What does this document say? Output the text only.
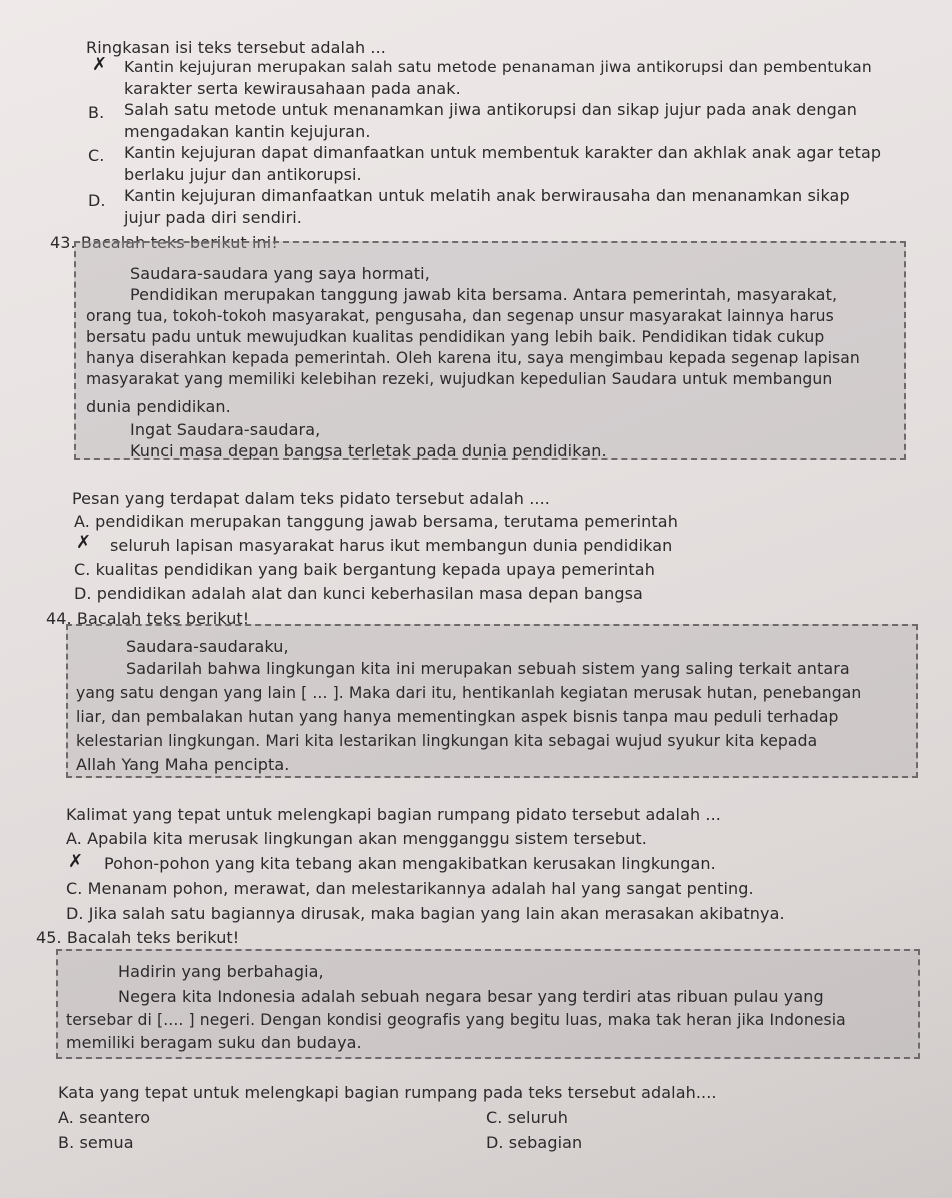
Ringkasan isi teks tersebut adalah ...
✗ Kantin kejujuran merupakan salah satu metode penanaman jiwa antikorupsi dan pembentukan
karakter serta kewirausahaan pada anak.
B. Salah satu metode untuk menanamkan jiwa antikorupsi dan sikap jujur pada anak dengan
mengadakan kantin kejujuran.
C. Kantin kejujuran dapat dimanfaatkan untuk membentuk karakter dan akhlak anak agar tetap
berlaku jujur dan antikorupsi.
D. Kantin kejujuran dimanfaatkan untuk melatih anak berwirausaha dan menanamkan sikap
jujur pada diri sendiri.
43. Bacalah teks berikut ini!
Saudara-saudara yang saya hormati,
Pendidikan merupakan tanggung jawab kita bersama. Antara pemerintah, masyarakat,
orang tua, tokoh-tokoh masyarakat, pengusaha, dan segenap unsur masyarakat lainnya harus
bersatu padu untuk mewujudkan kualitas pendidikan yang lebih baik. Pendidikan tidak cukup
hanya diserahkan kepada pemerintah. Oleh karena itu, saya mengimbau kepada segenap lapisan
masyarakat yang memiliki kelebihan rezeki, wujudkan kepedulian Saudara untuk membangun
dunia pendidikan.
Ingat Saudara-saudara,
Kunci masa depan bangsa terletak pada dunia pendidikan.
Pesan yang terdapat dalam teks pidato tersebut adalah ....
A. pendidikan merupakan tanggung jawab bersama, terutama pemerintah
✗ seluruh lapisan masyarakat harus ikut membangun dunia pendidikan
C. kualitas pendidikan yang baik bergantung kepada upaya pemerintah
D. pendidikan adalah alat dan kunci keberhasilan masa depan bangsa
44. Bacalah teks berikut!
Saudara-saudaraku,
Sadarilah bahwa lingkungan kita ini merupakan sebuah sistem yang saling terkait antara
yang satu dengan yang lain [ ... ]. Maka dari itu, hentikanlah kegiatan merusak hutan, penebangan
liar, dan pembalakan hutan yang hanya mementingkan aspek bisnis tanpa mau peduli terhadap
kelestarian lingkungan. Mari kita lestarikan lingkungan kita sebagai wujud syukur kita kepada
Allah Yang Maha pencipta.
Kalimat yang tepat untuk melengkapi bagian rumpang pidato tersebut adalah ...
A. Apabila kita merusak lingkungan akan mengganggu sistem tersebut.
✗ Pohon-pohon yang kita tebang akan mengakibatkan kerusakan lingkungan.
C. Menanam pohon, merawat, dan melestarikannya adalah hal yang sangat penting.
D. Jika salah satu bagiannya dirusak, maka bagian yang lain akan merasakan akibatnya.
45. Bacalah teks berikut!
Hadirin yang berbahagia,
Negera kita Indonesia adalah sebuah negara besar yang terdiri atas ribuan pulau yang
tersebar di [.... ] negeri. Dengan kondisi geografis yang begitu luas, maka tak heran jika Indonesia
memiliki beragam suku dan budaya.
Kata yang tepat untuk melengkapi bagian rumpang pada teks tersebut adalah....
A. seantero	C. seluruh
B. semua	D. sebagian
